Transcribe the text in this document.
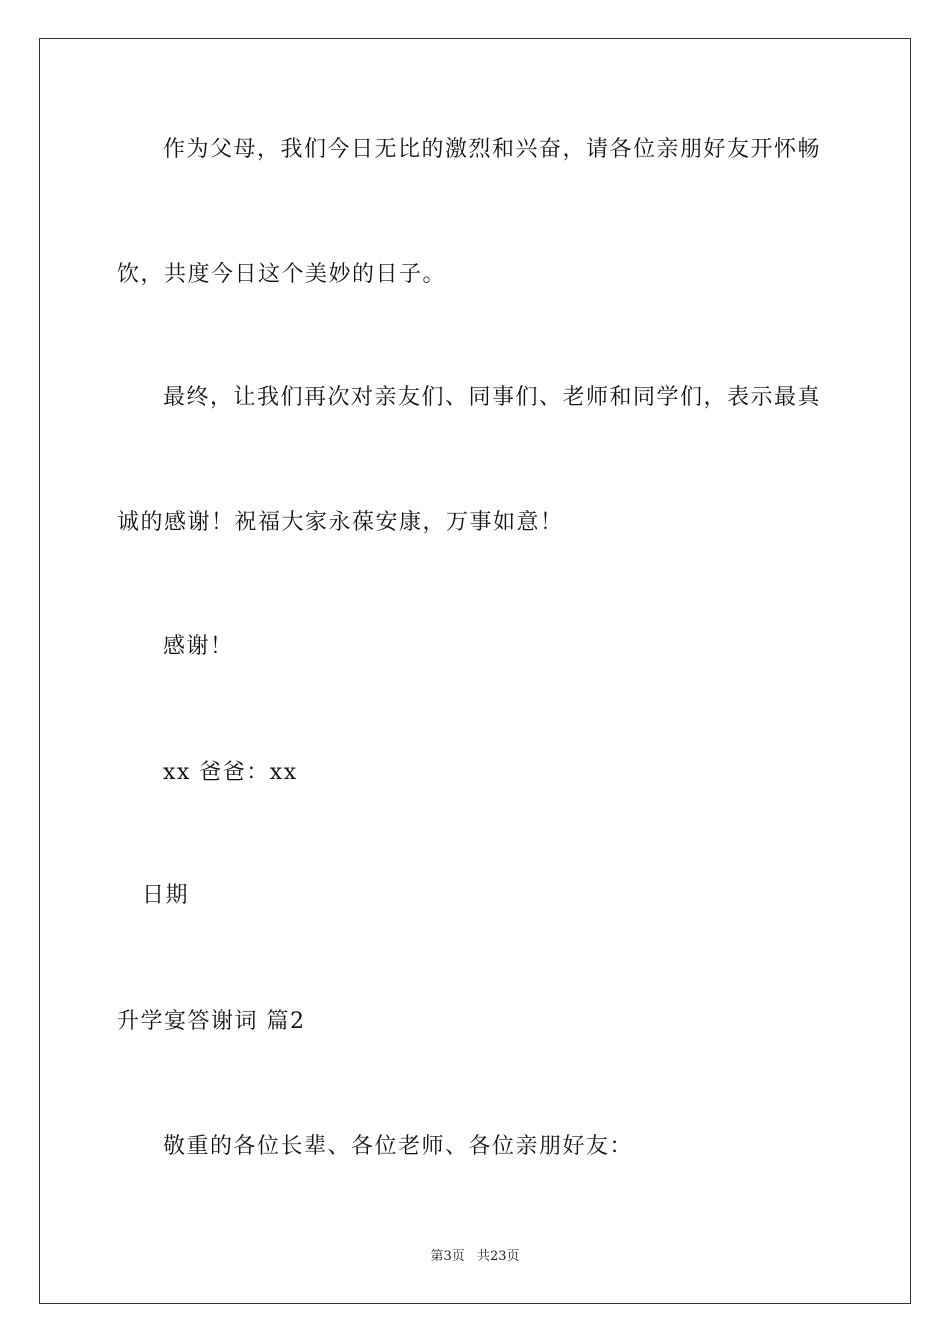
作为父母，我们今日无比的激烈和兴奋，请各位亲朋好友开怀畅
饮，共度今日这个美妙的日子。
最终，让我们再次对亲友们、同事们、老师和同学们，表示最真
诚的感谢！祝福大家永葆安康，万事如意！
感谢！
xx 爸爸：xx
日期
升学宴答谢词 篇2
敬重的各位长辈、各位老师、各位亲朋好友：
第3页 共23页
